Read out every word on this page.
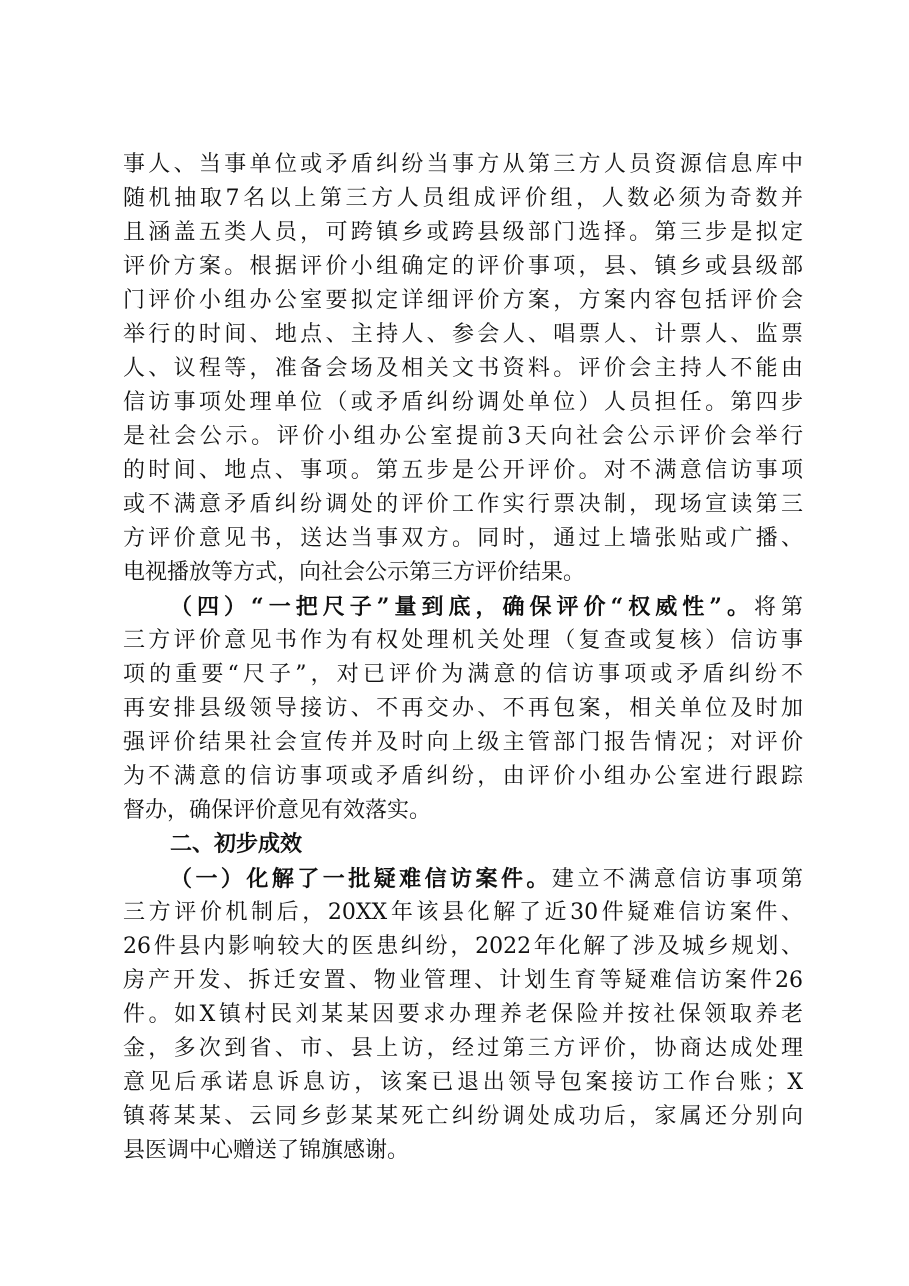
事人、当事单位或矛盾纠纷当事方从第三方人员资源信息库中
随机抽取7名以上第三方人员组成评价组，人数必须为奇数并
且涵盖五类人员，可跨镇乡或跨县级部门选择。第三步是拟定
评价方案。根据评价小组确定的评价事项，县、镇乡或县级部
门评价小组办公室要拟定详细评价方案，方案内容包括评价会
举行的时间、地点、主持人、参会人、唱票人、计票人、监票
人、议程等，准备会场及相关文书资料。评价会主持人不能由
信访事项处理单位（或矛盾纠纷调处单位）人员担任。第四步
是社会公示。评价小组办公室提前3天向社会公示评价会举行
的时间、地点、事项。第五步是公开评价。对不满意信访事项
或不满意矛盾纠纷调处的评价工作实行票决制，现场宣读第三
方评价意见书，送达当事双方。同时，通过上墙张贴或广播、
电视播放等方式，向社会公示第三方评价结果。
（四）“一把尺子”量到底，确保评价“权威性”。将第
三方评价意见书作为有权处理机关处理（复查或复核）信访事
项的重要“尺子”，对已评价为满意的信访事项或矛盾纠纷不
再安排县级领导接访、不再交办、不再包案，相关单位及时加
强评价结果社会宣传并及时向上级主管部门报告情况；对评价
为不满意的信访事项或矛盾纠纷，由评价小组办公室进行跟踪
督办，确保评价意见有效落实。
二、初步成效
（一）化解了一批疑难信访案件。建立不满意信访事项第
三方评价机制后，20XX年该县化解了近30件疑难信访案件、
26件县内影响较大的医患纠纷，2022年化解了涉及城乡规划、
房产开发、拆迁安置、物业管理、计划生育等疑难信访案件26
件。如X镇村民刘某某因要求办理养老保险并按社保领取养老
金，多次到省、市、县上访，经过第三方评价，协商达成处理
意见后承诺息诉息访，该案已退出领导包案接访工作台账；X
镇蒋某某、云同乡彭某某死亡纠纷调处成功后，家属还分别向
县医调中心赠送了锦旗感谢。
